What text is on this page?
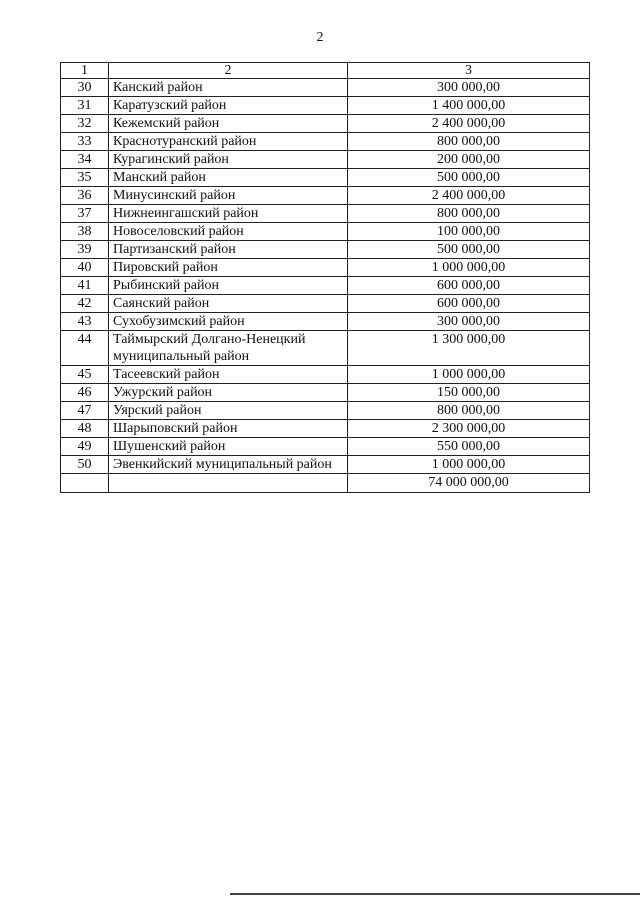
2
1	2	3
30	Канский район	300 000,00
31	Каратузский район	1 400 000,00
32	Кежемский район	2 400 000,00
33	Краснотуранский район	800 000,00
34	Курагинский район	200 000,00
35	Манский район	500 000,00
36	Минусинский район	2 400 000,00
37	Нижнеингашский район	800 000,00
38	Новоселовский район	100 000,00
39	Партизанский район	500 000,00
40	Пировский район	1 000 000,00
41	Рыбинский район	600 000,00
42	Саянский район	600 000,00
43	Сухобузимский район	300 000,00
44	Таймырский Долгано-Ненецкий муниципальный район	1 300 000,00
45	Тасеевский район	1 000 000,00
46	Ужурский район	150 000,00
47	Уярский район	800 000,00
48	Шарыповский район	2 300 000,00
49	Шушенский район	550 000,00
50	Эвенкийский муниципальный район	1 000 000,00
		74 000 000,00
